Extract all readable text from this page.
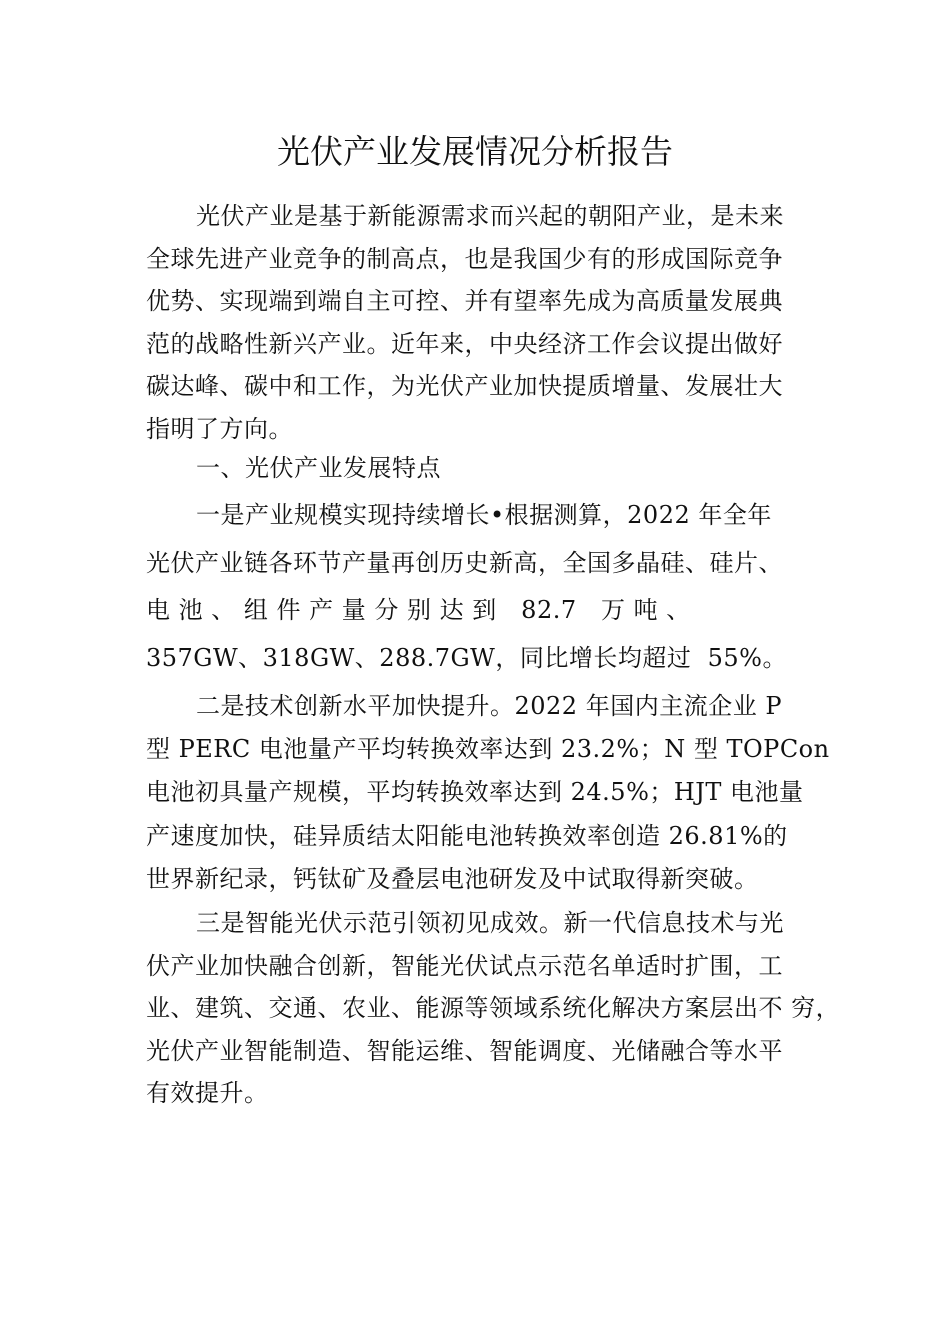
光伏产业发展情况分析报告
光伏产业是基于新能源需求而兴起的朝阳产业，是未来
全球先进产业竞争的制高点，也是我国少有的形成国际竞争
优势、实现端到端自主可控、并有望率先成为高质量发展典
范的战略性新兴产业。近年来，中央经济工作会议提出做好
碳达峰、碳中和工作，为光伏产业加快提质增量、发展壮大
指明了方向。
一、光伏产业发展特点
一是产业规模实现持续增长•根据测算，2022 年全年
光伏产业链各环节产量再创历史新高，全国多晶硅、硅片、
电 池 、 组 件 产 量 分 别 达 到   82.7   万 吨 、
357GW、318GW、288.7GW，同比增长均超过  55%。
二是技术创新水平加快提升。2022 年国内主流企业 P
型 PERC 电池量产平均转换效率达到 23.2%；N 型 TOPCon
电池初具量产规模，平均转换效率达到 24.5%；HJT 电池量
产速度加快，硅异质结太阳能电池转换效率创造 26.81%的
世界新纪录，钙钛矿及叠层电池研发及中试取得新突破。
三是智能光伏示范引领初见成效。新一代信息技术与光
伏产业加快融合创新，智能光伏试点示范名单适时扩围，工
业、建筑、交通、农业、能源等领域系统化解决方案层出不 穷，
光伏产业智能制造、智能运维、智能调度、光储融合等水平
有效提升。
